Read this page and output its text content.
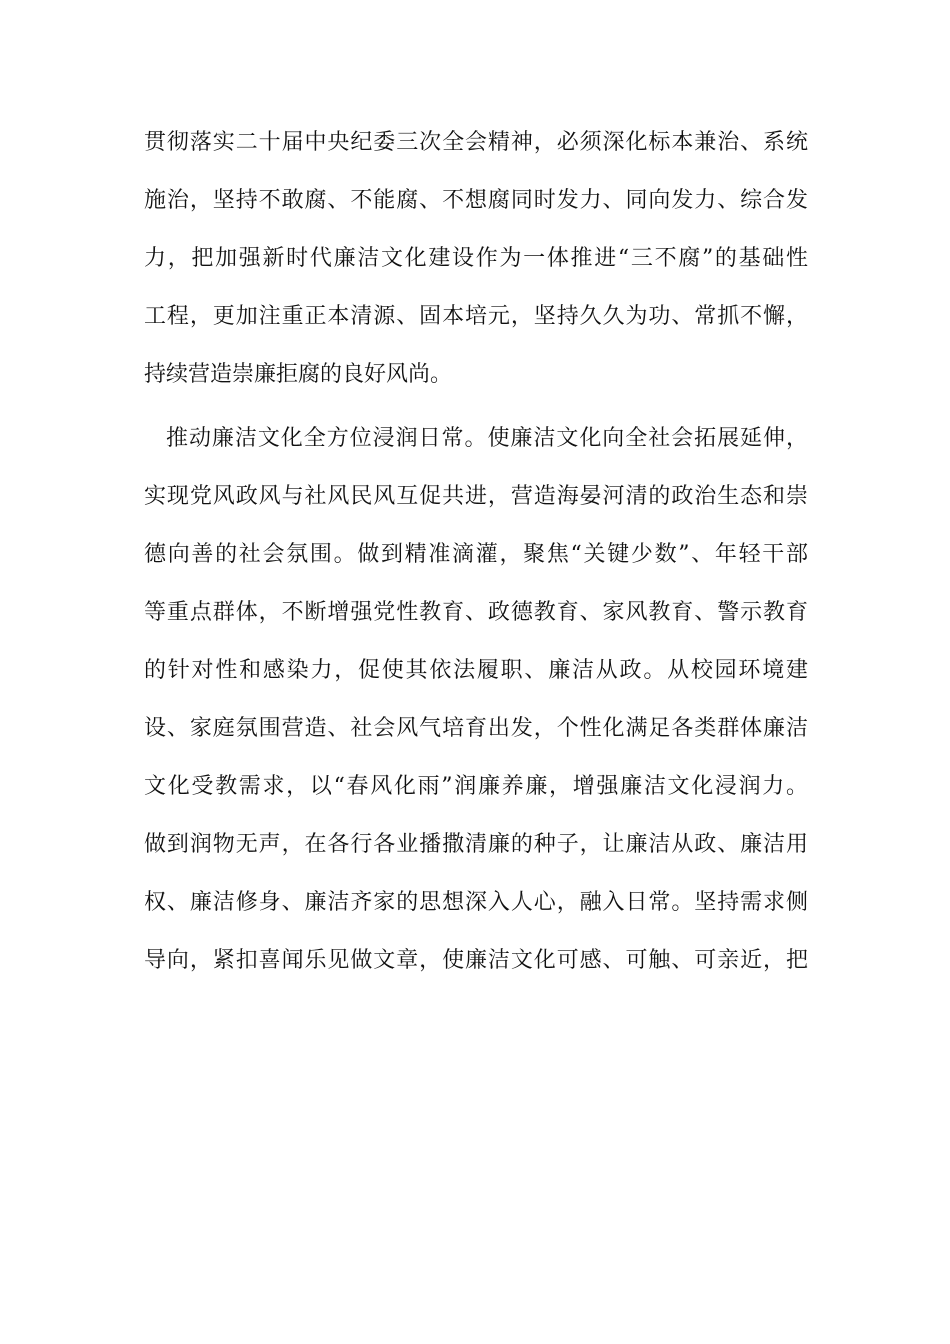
贯彻落实二十届中央纪委三次全会精神，必须深化标本兼治、系统
施治，坚持不敢腐、不能腐、不想腐同时发力、同向发力、综合发
力，把加强新时代廉洁文化建设作为一体推进“三不腐”的基础性
工程，更加注重正本清源、固本培元，坚持久久为功、常抓不懈，
持续营造崇廉拒腐的良好风尚。
推动廉洁文化全方位浸润日常。使廉洁文化向全社会拓展延伸，
实现党风政风与社风民风互促共进，营造海晏河清的政治生态和崇
德向善的社会氛围。做到精准滴灌，聚焦“关键少数”、年轻干部
等重点群体，不断增强党性教育、政德教育、家风教育、警示教育
的针对性和感染力，促使其依法履职、廉洁从政。从校园环境建
设、家庭氛围营造、社会风气培育出发，个性化满足各类群体廉洁
文化受教需求，以“春风化雨”润廉养廉，增强廉洁文化浸润力。
做到润物无声，在各行各业播撒清廉的种子，让廉洁从政、廉洁用
权、廉洁修身、廉洁齐家的思想深入人心，融入日常。坚持需求侧
导向，紧扣喜闻乐见做文章，使廉洁文化可感、可触、可亲近，把
